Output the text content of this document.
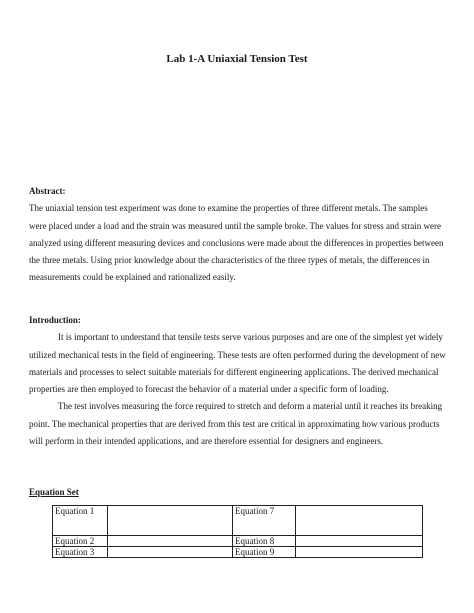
Lab 1-A Uniaxial Tension Test

Abstract:

The uniaxial tension test experiment was done to examine the properties of three different metals. The samples were placed under a load and the strain was measured until the sample broke. The values for stress and strain were analyzed using different measuring devices and conclusions were made about the differences in properties between the three metals. Using prior knowledge about the characteristics of the three types of metals, the differences in measurements could be explained and rationalized easily.

Introduction:

It is important to understand that tensile tests serve various purposes and are one of the simplest yet widely utilized mechanical tests in the field of engineering. These tests are often performed during the development of new materials and processes to select suitable materials for different engineering applications. The derived mechanical properties are then employed to forecast the behavior of a material under a specific form of loading.

The test involves measuring the force required to stretch and deform a material until it reaches its breaking point. The mechanical properties that are derived from this test are critical in approximating how various products will perform in their intended applications, and are therefore essential for designers and engineers.

Equation Set

Equation 1		Equation 7	
Equation 2		Equation 8	
Equation 3		Equation 9	
